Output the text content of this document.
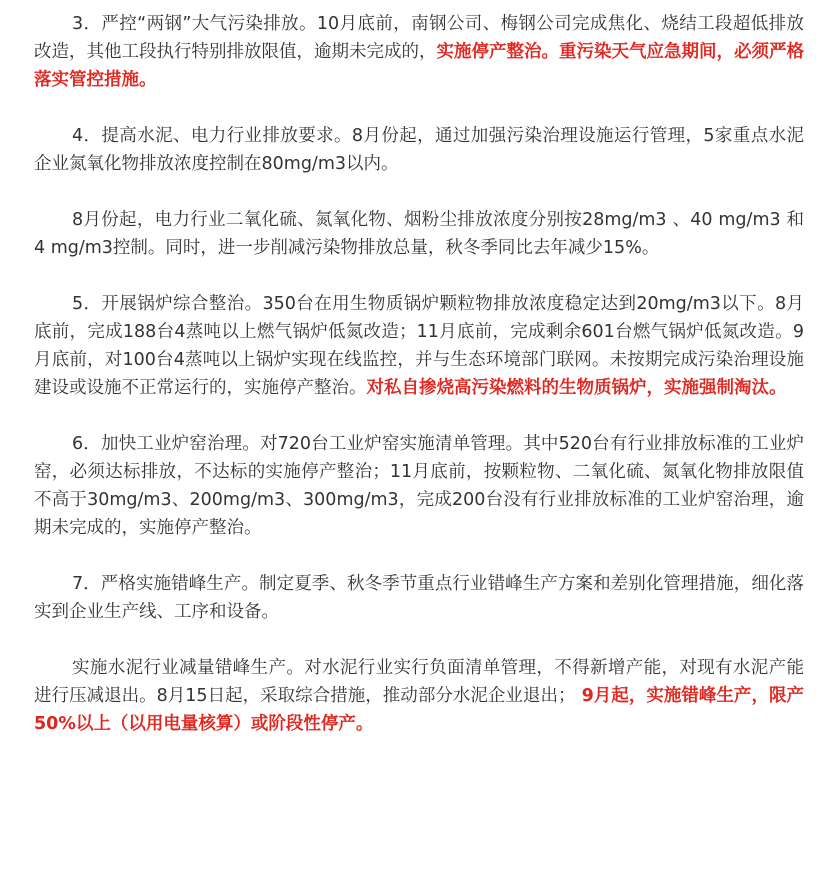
3．严控“两钢”大气污染排放。10月底前，南钢公司、梅钢公司完成焦化、烧结工段超低排放改造，其他工段执行特别排放限值，逾期未完成的，实施停产整治。重污染天气应急期间，必须严格落实管控措施。

4．提高水泥、电力行业排放要求。8月份起，通过加强污染治理设施运行管理，5家重点水泥企业氮氧化物排放浓度控制在80mg/m3以内。

8月份起，电力行业二氧化硫、氮氧化物、烟粉尘排放浓度分别按28mg/m3 、40 mg/m3 和4 mg/m3控制。同时，进一步削减污染物排放总量，秋冬季同比去年减少15%。

5．开展锅炉综合整治。350台在用生物质锅炉颗粒物排放浓度稳定达到20mg/m3以下。8月底前，完成188台4蒸吨以上燃气锅炉低氮改造；11月底前，完成剩余601台燃气锅炉低氮改造。9月底前，对100台4蒸吨以上锅炉实现在线监控，并与生态环境部门联网。未按期完成污染治理设施建设或设施不正常运行的，实施停产整治。对私自掺烧高污染燃料的生物质锅炉，实施强制淘汰。

6．加快工业炉窑治理。对720台工业炉窑实施清单管理。其中520台有行业排放标准的工业炉窑，必须达标排放，不达标的实施停产整治；11月底前，按颗粒物、二氧化硫、氮氧化物排放限值不高于30mg/m3、200mg/m3、300mg/m3，完成200台没有行业排放标准的工业炉窑治理，逾期未完成的，实施停产整治。

7．严格实施错峰生产。制定夏季、秋冬季节重点行业错峰生产方案和差别化管理措施，细化落实到企业生产线、工序和设备。

实施水泥行业减量错峰生产。对水泥行业实行负面清单管理，不得新增产能，对现有水泥产能进行压减退出。8月15日起，采取综合措施，推动部分水泥企业退出； 9月起，实施错峰生产，限产50%以上（以用电量核算）或阶段性停产。
